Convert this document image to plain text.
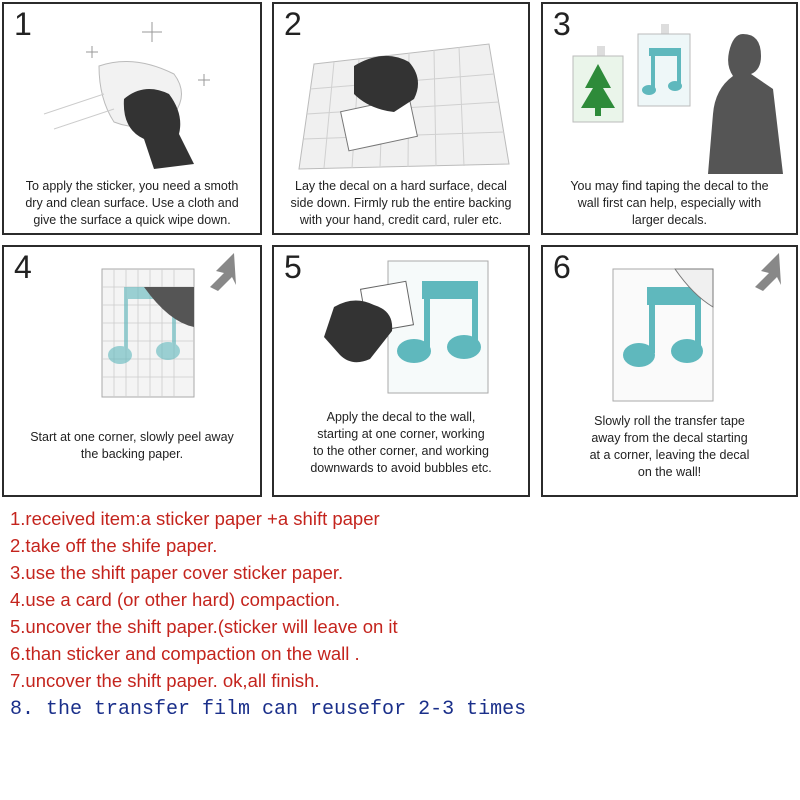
1
To apply the sticker, you need a smoth
dry and clean surface. Use a cloth and
give the surface a quick wipe down.
2
Lay the decal on a hard surface, decal
side down. Firmly rub the entire backing
with your hand, credit card, ruler etc.
3
You may find taping the decal to the
wall first can help, especially with
larger decals.
4
Start at one corner, slowly peel away
the backing paper.
5
Apply the decal to the wall,
starting at one corner, working
to the other corner, and working
downwards to avoid bubbles etc.
6
Slowly roll the transfer tape
away from the decal starting
at a corner, leaving the decal
on the wall!
1.received item:a sticker paper +a shift paper
2.take off the shife paper.
3.use the shift paper cover sticker paper.
4.use a card (or other hard) compaction.
5.uncover the shift paper.(sticker will leave on it
6.than sticker and compaction on the wall .
7.uncover the shift paper. ok,all finish.
8. the transfer film can reusefor 2-3 times
